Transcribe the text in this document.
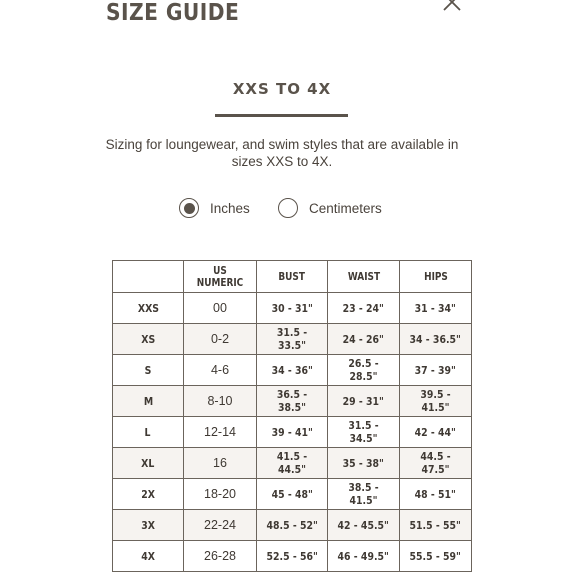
SIZE GUIDE
XXS TO 4X
Sizing for loungewear, and swim styles that are available in
sizes XXS to 4X.
Inches	Centimeters
	US NUMERIC	BUST	WAIST	HIPS
XXS	00	30 - 31"	23 - 24"	31 - 34"
XS	0-2	31.5 - 33.5"	24 - 26"	34 - 36.5"
S	4-6	34 - 36"	26.5 - 28.5"	37 - 39"
M	8-10	36.5 - 38.5"	29 - 31"	39.5 - 41.5"
L	12-14	39 - 41"	31.5 - 34.5"	42 - 44"
XL	16	41.5 - 44.5"	35 - 38"	44.5 - 47.5"
2X	18-20	45 - 48"	38.5 - 41.5"	48 - 51"
3X	22-24	48.5 - 52"	42 - 45.5"	51.5 - 55"
4X	26-28	52.5 - 56"	46 - 49.5"	55.5 - 59"
